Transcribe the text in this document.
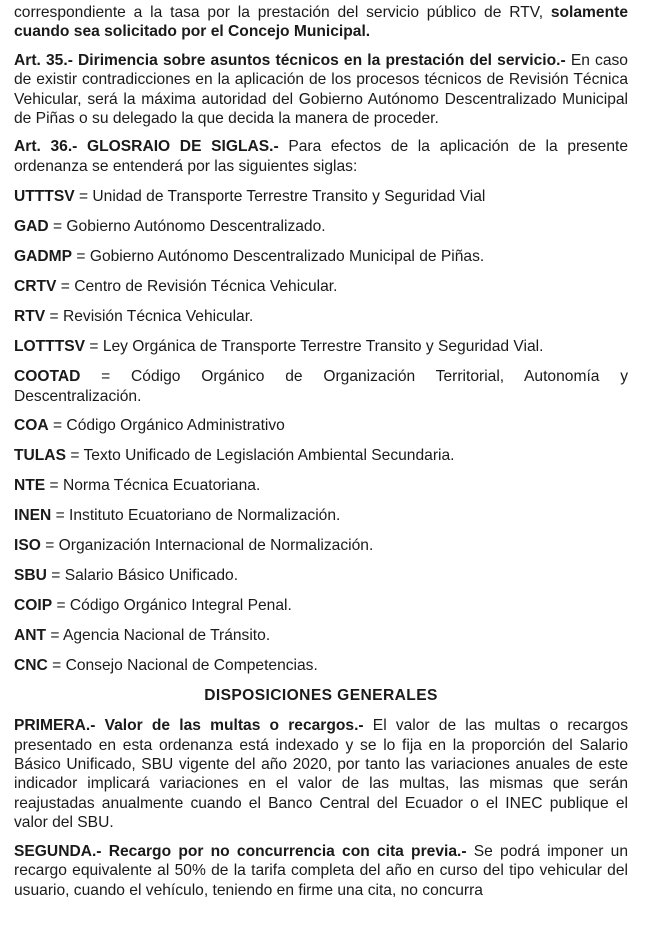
correspondiente a la tasa por la prestación del servicio público de RTV, solamente cuando sea solicitado por el Concejo Municipal.

Art. 35.- Dirimencia sobre asuntos técnicos en la prestación del servicio.- En caso de existir contradicciones en la aplicación de los procesos técnicos de Revisión Técnica Vehicular, será la máxima autoridad del Gobierno Autónomo Descentralizado Municipal de Piñas o su delegado la que decida la manera de proceder.

Art. 36.- GLOSRAIO DE SIGLAS.- Para efectos de la aplicación de la presente ordenanza se entenderá por las siguientes siglas:

UTTTSV = Unidad de Transporte Terrestre Transito y Seguridad Vial

GAD = Gobierno Autónomo Descentralizado.

GADMP = Gobierno Autónomo Descentralizado Municipal de Piñas.

CRTV = Centro de Revisión Técnica Vehicular.

RTV = Revisión Técnica Vehicular.

LOTTTSV = Ley Orgánica de Transporte Terrestre Transito y Seguridad Vial.

COOTAD = Código Orgánico de Organización Territorial, Autonomía y Descentralización.

COA = Código Orgánico Administrativo

TULAS = Texto Unificado de Legislación Ambiental Secundaria.

NTE = Norma Técnica Ecuatoriana.

INEN = Instituto Ecuatoriano de Normalización.

ISO = Organización Internacional de Normalización.

SBU = Salario Básico Unificado.

COIP = Código Orgánico Integral Penal.

ANT = Agencia Nacional de Tránsito.

CNC = Consejo Nacional de Competencias.

DISPOSICIONES GENERALES

PRIMERA.- Valor de las multas o recargos.- El valor de las multas o recargos presentado en esta ordenanza está indexado y se lo fija en la proporción del Salario Básico Unificado, SBU vigente del año 2020, por tanto las variaciones anuales de este indicador implicará variaciones en el valor de las multas, las mismas que serán reajustadas anualmente cuando el Banco Central del Ecuador o el INEC publique el valor del SBU.

SEGUNDA.- Recargo por no concurrencia con cita previa.- Se podrá imponer un recargo equivalente al 50% de la tarifa completa del año en curso del tipo vehicular del usuario, cuando el vehículo, teniendo en firme una cita, no concurra
